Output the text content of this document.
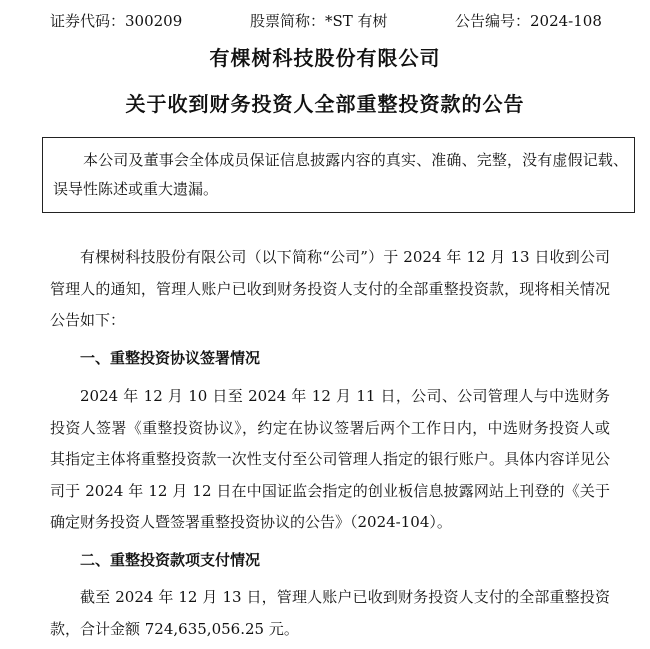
证券代码：300209	股票简称：*ST 有树	公告编号：2024-108
有棵树科技股份有限公司
关于收到财务投资人全部重整投资款的公告
本公司及董事会全体成员保证信息披露内容的真实、准确、完整，没有虚假记载、误导性陈述或重大遗漏。

有棵树科技股份有限公司（以下简称“公司”）于 2024 年 12 月 13 日收到公司管理人的通知，管理人账户已收到财务投资人支付的全部重整投资款，现将相关情况公告如下：

一、重整投资协议签署情况

2024 年 12 月 10 日至 2024 年 12 月 11 日，公司、公司管理人与中选财务投资人签署《重整投资协议》，约定在协议签署后两个工作日内，中选财务投资人或其指定主体将重整投资款一次性支付至公司管理人指定的银行账户。具体内容详见公司于 2024 年 12 月 12 日在中国证监会指定的创业板信息披露网站上刊登的《关于确定财务投资人暨签署重整投资协议的公告》（2024-104）。

二、重整投资款项支付情况

截至 2024 年 12 月 13 日，管理人账户已收到财务投资人支付的全部重整投资款，合计金额 724,635,056.25 元。
